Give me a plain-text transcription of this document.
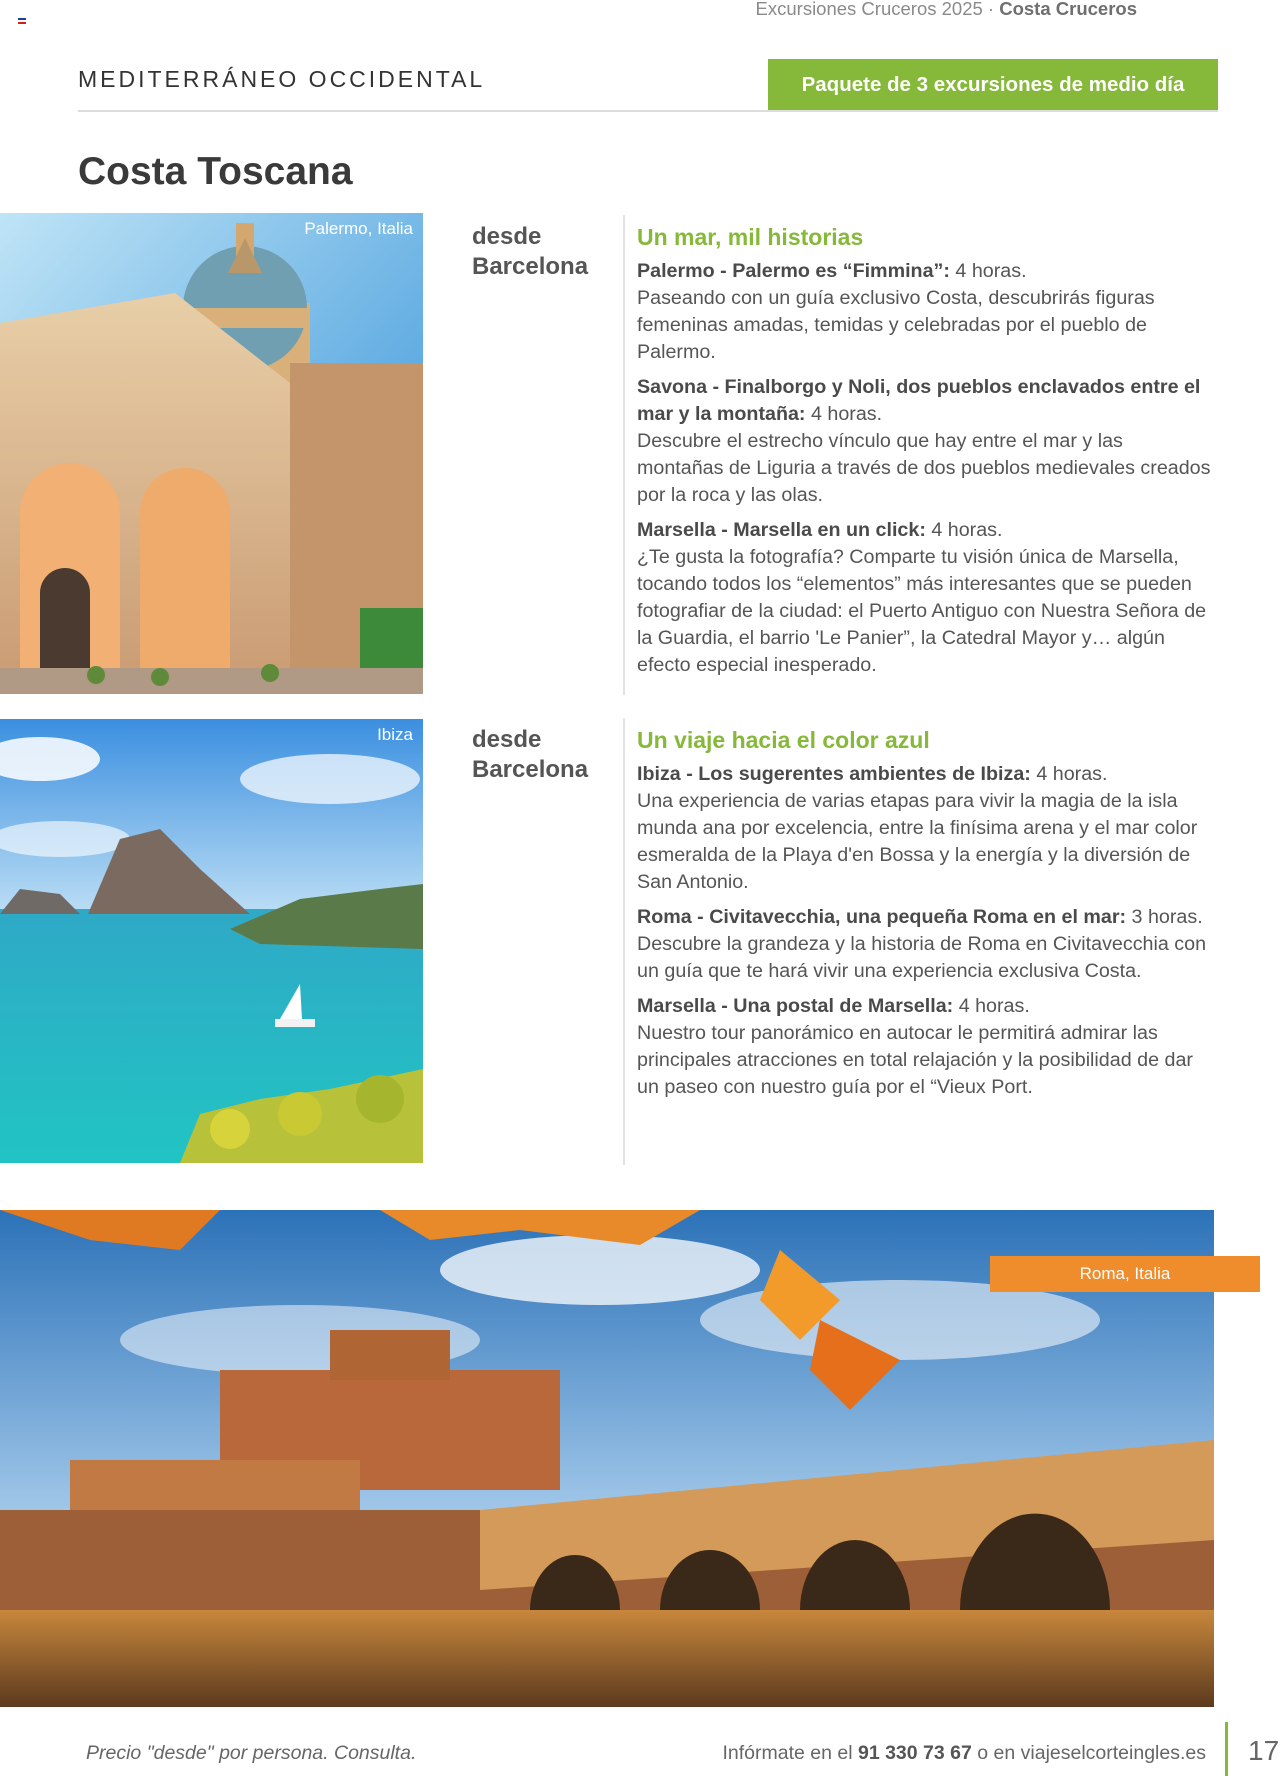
Excursiones Cruceros 2025 · Costa Cruceros
MEDITERRÁNEO OCCIDENTAL	Paquete de 3 excursiones de medio día
Costa Toscana
Palermo, Italia desde
Barcelona
Un mar, mil historias

Palermo - Palermo es “Fimmina”: 4 horas.
Paseando con un guía exclusivo Costa, descubrirás figuras femeninas amadas, temidas y celebradas por el pueblo de Palermo.

Savona - Finalborgo y Noli, dos pueblos enclavados entre el mar y la montaña: 4 horas.
Descubre el estrecho vínculo que hay entre el mar y las montañas de Liguria a través de dos pueblos medievales creados por la roca y las olas.

Marsella - Marsella en un click: 4 horas.
¿Te gusta la fotografía? Comparte tu visión única de Marsella, tocando todos los “elementos” más interesantes que se pueden fotografiar de la ciudad: el Puerto Antiguo con Nuestra Señora de la Guardia, el barrio 'Le Panier”, la Catedral Mayor y… algún efecto especial inesperado.

Ibiza desde
Barcelona
Un viaje hacia el color azul

Ibiza - Los sugerentes ambientes de Ibiza: 4 horas.
Una experiencia de varias etapas para vivir la magia de la isla munda ana por excelencia, entre la finísima arena y el mar color esmeralda de la Playa d'en Bossa y la energía y la diversión de San Antonio.

Roma - Civitavecchia, una pequeña Roma en el mar: 3 horas.
Descubre la grandeza y la historia de Roma en Civitavecchia con un guía que te hará vivir una experiencia exclusiva Costa.

Marsella - Una postal de Marsella: 4 horas.
Nuestro tour panorámico en autocar le permitirá admirar las principales atracciones en total relajación y la posibilidad de dar un paseo con nuestro guía por el “Vieux Port.

Roma, Italia
Precio "desde" por persona. Consulta.	Infórmate en el 91 330 73 67 o en viajeselcorteingles.es 17
